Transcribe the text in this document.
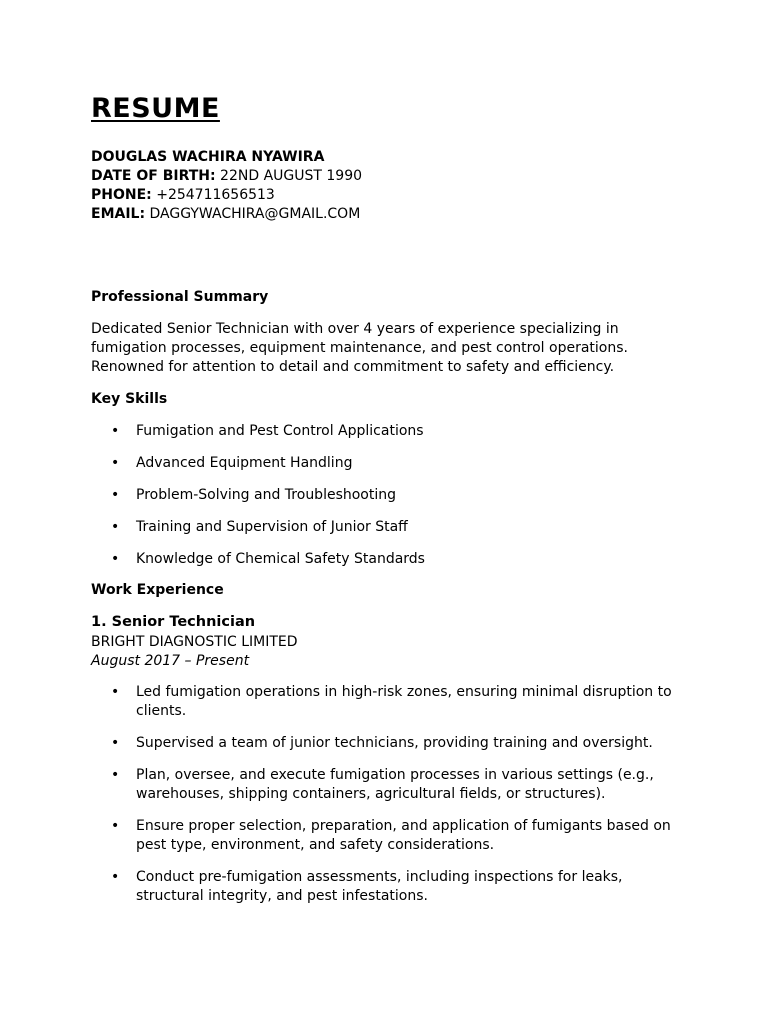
RESUME
DOUGLAS WACHIRA NYAWIRA
DATE OF BIRTH: 22ND AUGUST 1990
PHONE: +254711656513
EMAIL: DAGGYWACHIRA@GMAIL.COM
Professional Summary

Dedicated Senior Technician with over 4 years of experience specializing in fumigation processes, equipment maintenance, and pest control operations. Renowned for attention to detail and commitment to safety and efficiency.

Key Skills
• Fumigation and Pest Control Applications
• Advanced Equipment Handling
• Problem-Solving and Troubleshooting
• Training and Supervision of Junior Staff
• Knowledge of Chemical Safety Standards
Work Experience
1. Senior Technician
BRIGHT DIAGNOSTIC LIMITED
August 2017 – Present
• Led fumigation operations in high-risk zones, ensuring minimal disruption to clients.
• Supervised a team of junior technicians, providing training and oversight.
• Plan, oversee, and execute fumigation processes in various settings (e.g., warehouses, shipping containers, agricultural fields, or structures).
• Ensure proper selection, preparation, and application of fumigants based on pest type, environment, and safety considerations.
• Conduct pre-fumigation assessments, including inspections for leaks, structural integrity, and pest infestations.
